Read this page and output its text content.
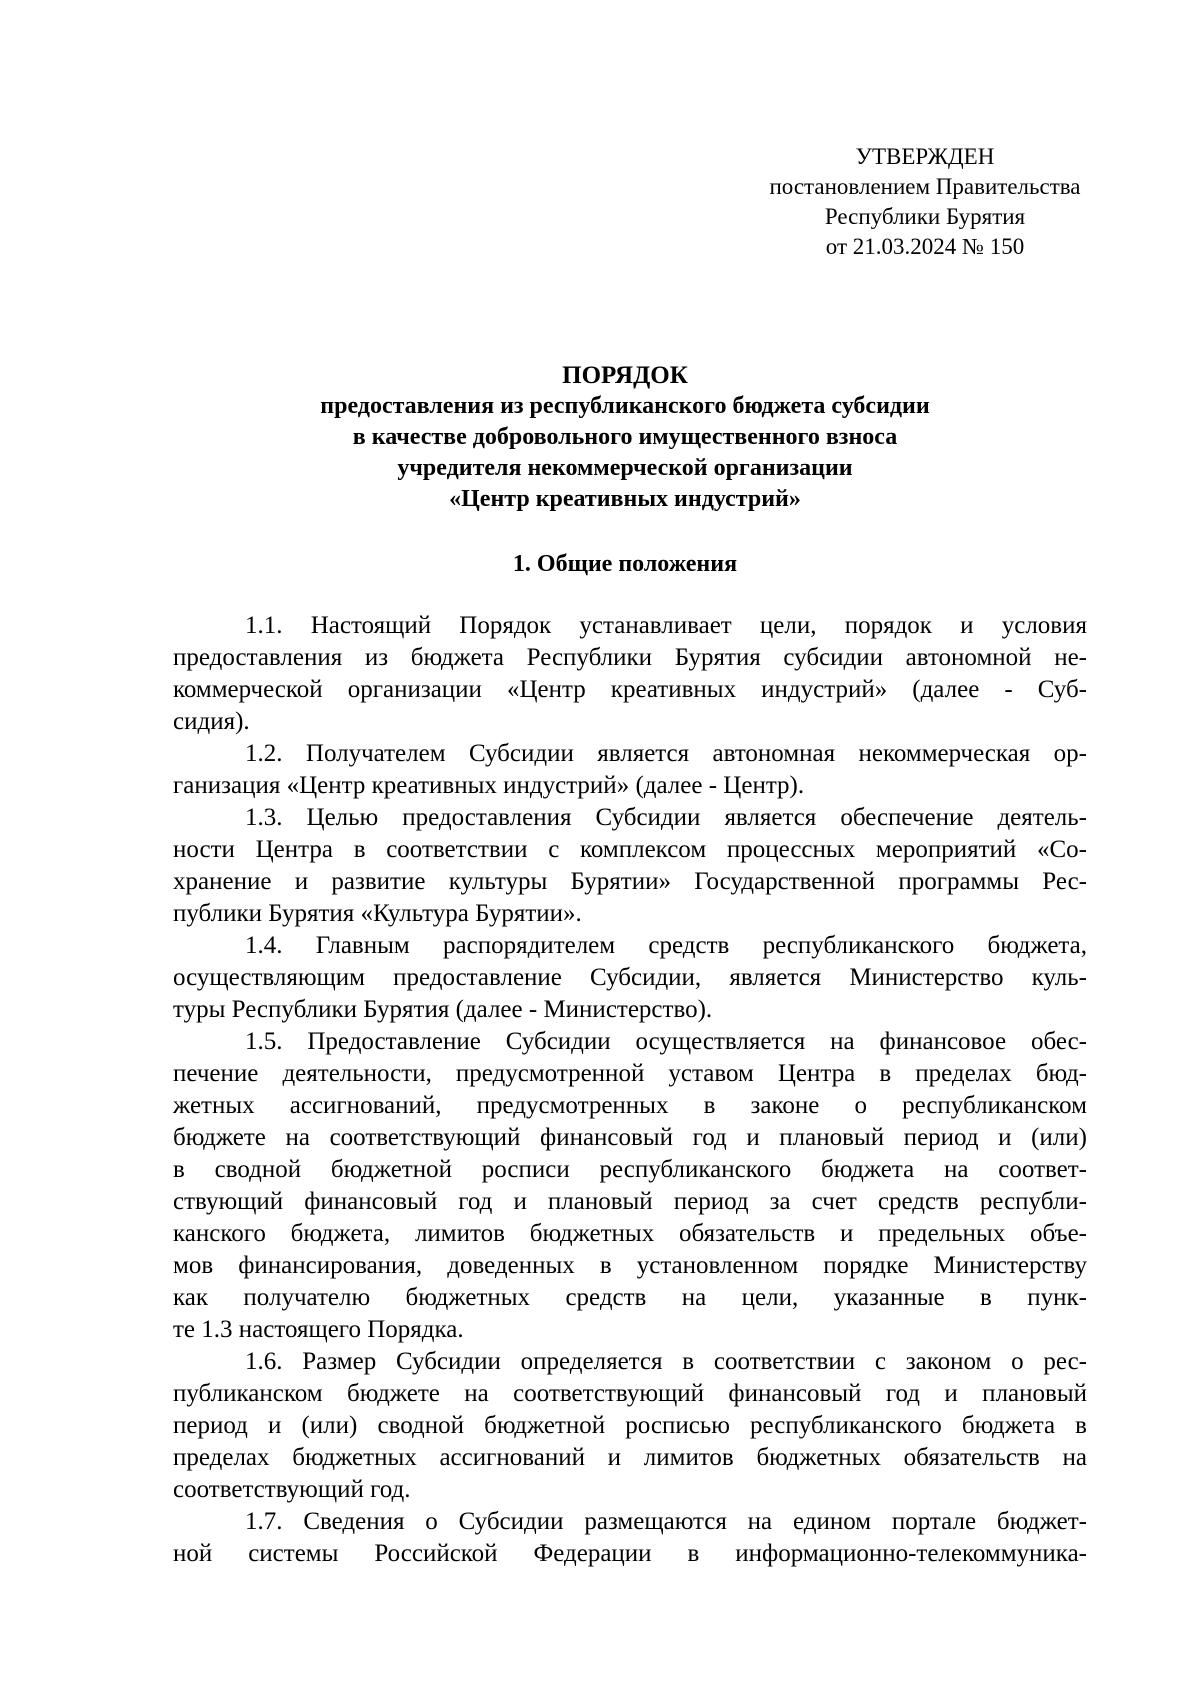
УТВЕРЖДЕН
постановлением Правительства
Республики Бурятия
от 21.03.2024 № 150
ПОРЯДОК
предоставления из республиканского бюджета субсидии
в качестве добровольного имущественного взноса
учредителя некоммерческой организации
«Центр креативных индустрий»
1. Общие положения
1.1. Настоящий Порядок устанавливает цели, порядок и условия
предоставления из бюджета Республики Бурятия субсидии автономной не-
коммерческой организации «Центр креативных индустрий» (далее - Суб-
сидия).
1.2. Получателем Субсидии является автономная некоммерческая ор-
ганизация «Центр креативных индустрий» (далее - Центр).
1.3. Целью предоставления Субсидии является обеспечение деятель-
ности Центра в соответствии с комплексом процессных мероприятий «Со-
хранение и развитие культуры Бурятии» Государственной программы Рес-
публики Бурятия «Культура Бурятии».
1.4. Главным распорядителем средств республиканского бюджета,
осуществляющим предоставление Субсидии, является Министерство куль-
туры Республики Бурятия (далее - Министерство).
1.5. Предоставление Субсидии осуществляется на финансовое обес-
печение деятельности, предусмотренной уставом Центра в пределах бюд-
жетных ассигнований, предусмотренных в законе о республиканском
бюджете на соответствующий финансовый год и плановый период и (или)
в сводной бюджетной росписи республиканского бюджета на соответ-
ствующий финансовый год и плановый период за счет средств республи-
канского бюджета, лимитов бюджетных обязательств и предельных объе-
мов финансирования, доведенных в установленном порядке Министерству
как получателю бюджетных средств на цели, указанные в пунк-
те 1.3 настоящего Порядка.
1.6. Размер Субсидии определяется в соответствии с законом о рес-
публиканском бюджете на соответствующий финансовый год и плановый
период и (или) сводной бюджетной росписью республиканского бюджета в
пределах бюджетных ассигнований и лимитов бюджетных обязательств на
соответствующий год.
1.7. Сведения о Субсидии размещаются на едином портале бюджет-
ной системы Российской Федерации в информационно-телекоммуника-
